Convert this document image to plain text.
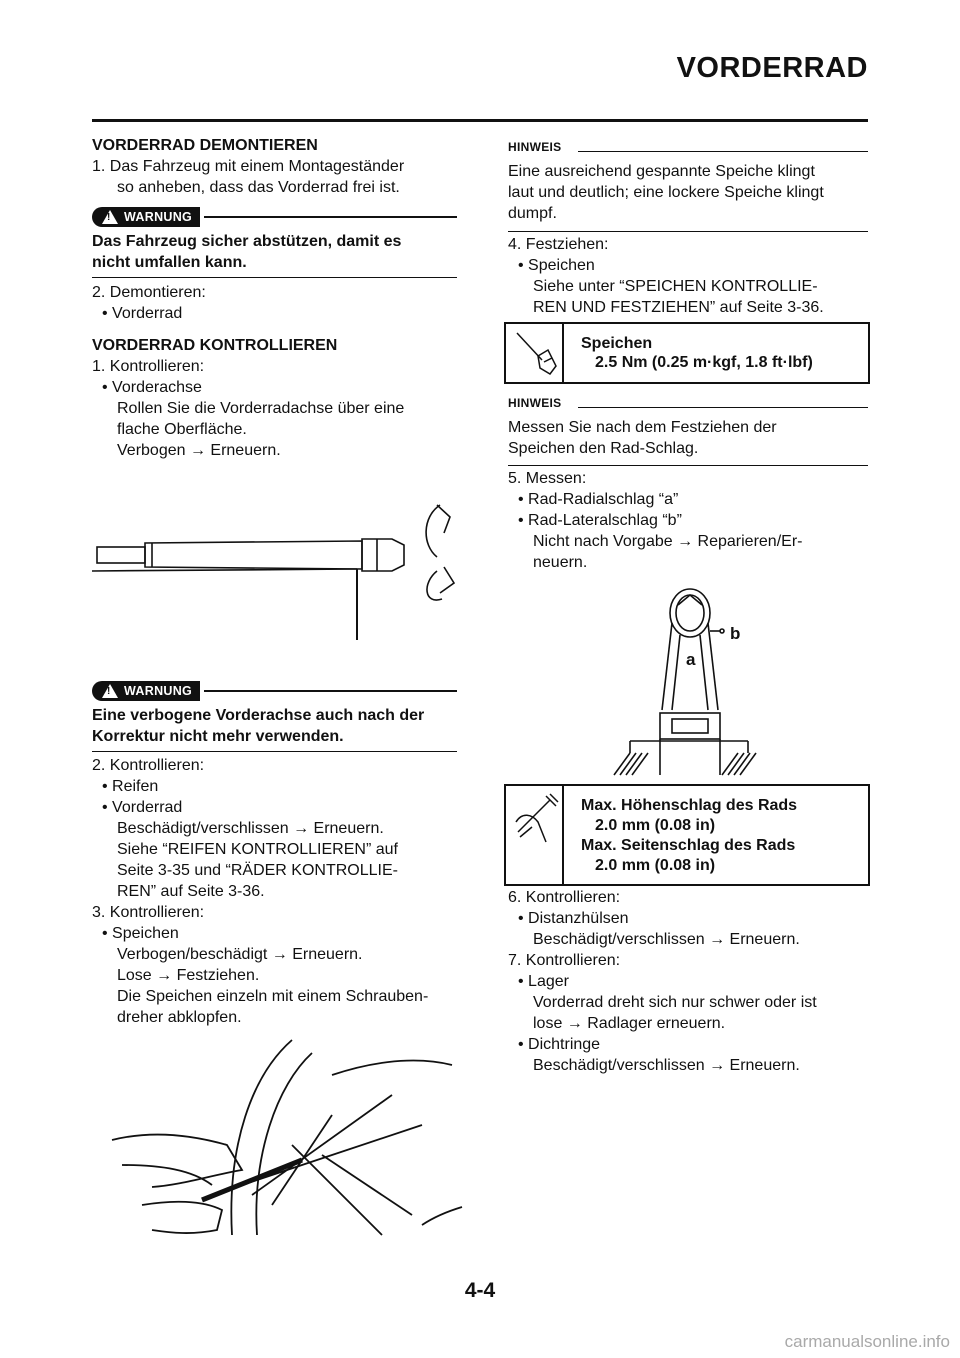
VORDERRAD
VORDERRAD DEMONTIEREN
1. Das Fahrzeug mit einem Montageständer
so anheben, dass das Vorderrad frei ist.
! WARNUNG
Das Fahrzeug sicher abstützen, damit es
nicht umfallen kann.
2. Demontieren:
• Vorderrad
VORDERRAD KONTROLLIEREN
1. Kontrollieren:
• Vorderachse
Rollen Sie die Vorderradachse über eine
flache Oberfläche.
Verbogen → Erneuern.
! WARNUNG
Eine verbogene Vorderachse auch nach der
Korrektur nicht mehr verwenden.
2. Kontrollieren:
• Reifen
• Vorderrad
Beschädigt/verschlissen → Erneuern.
Siehe “REIFEN KONTROLLIEREN” auf
Seite 3-35 und “RÄDER KONTROLLIE-
REN” auf Seite 3-36.
3. Kontrollieren:
• Speichen
Verbogen/beschädigt → Erneuern.
Lose → Festziehen.
Die Speichen einzeln mit einem Schrauben-
dreher abklopfen.
HINWEIS
Eine ausreichend gespannte Speiche klingt
laut und deutlich; eine lockere Speiche klingt
dumpf.
4. Festziehen:
• Speichen
Siehe unter “SPEICHEN KONTROLLIE-
REN UND FESTZIEHEN” auf Seite 3-36.
Speichen
2.5 Nm (0.25 m·kgf, 1.8 ft·lbf)
HINWEIS
Messen Sie nach dem Festziehen der
Speichen den Rad-Schlag.
5. Messen:
• Rad-Radialschlag “a”
• Rad-Lateralschlag “b”
Nicht nach Vorgabe → Reparieren/Er-
neuern.
Max. Höhenschlag des Rads
2.0 mm (0.08 in)
Max. Seitenschlag des Rads
2.0 mm (0.08 in)
6. Kontrollieren:
• Distanzhülsen
Beschädigt/verschlissen → Erneuern.
7. Kontrollieren:
• Lager
Vorderrad dreht sich nur schwer oder ist
lose → Radlager erneuern.
• Dichtringe
Beschädigt/verschlissen → Erneuern.
b
a
4-4
carmanualsonline.info
